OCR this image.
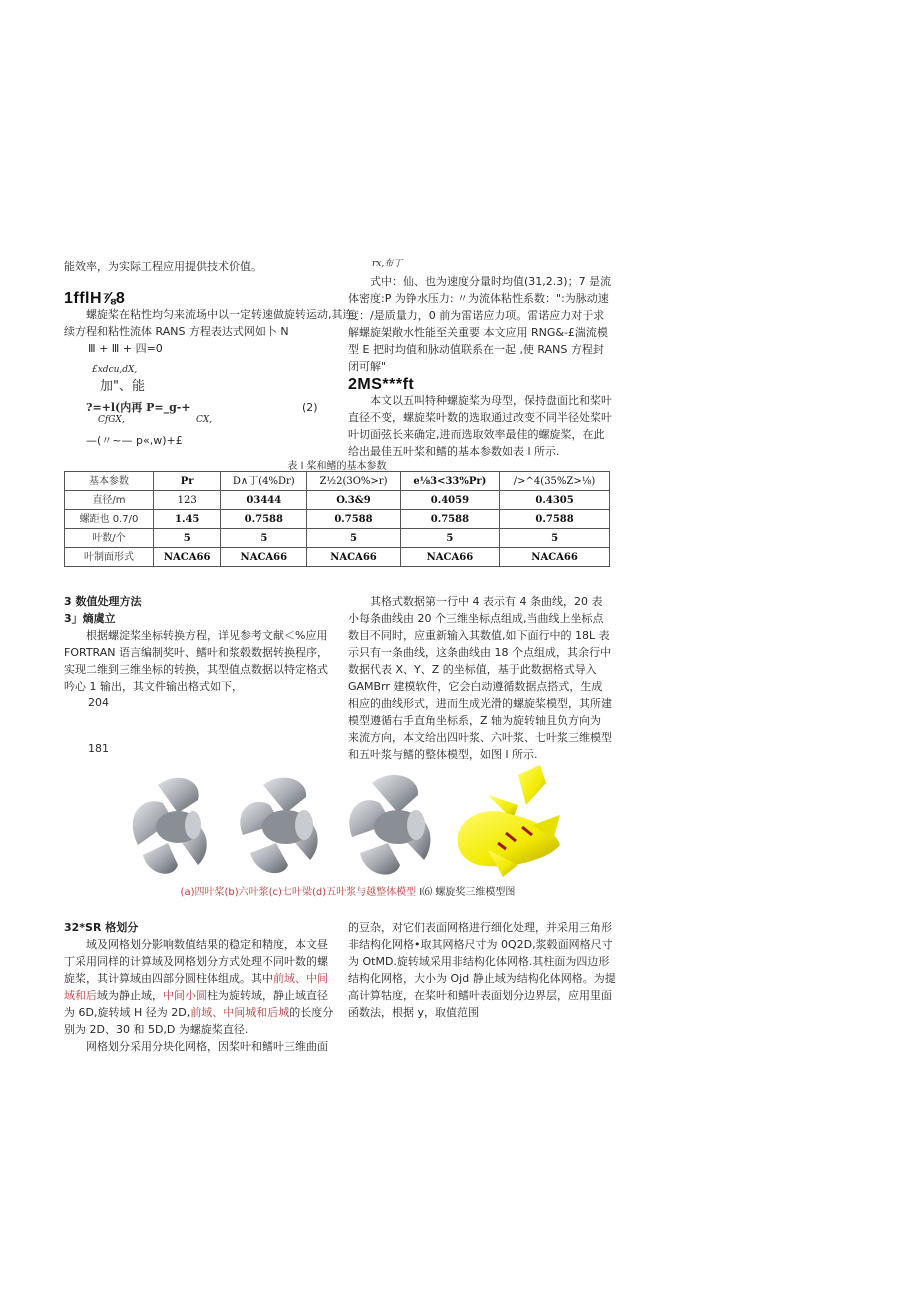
能效率，为实际工程应用提供技术价值。

1fflH⅞8

螺旋桨在粘性均匀来流场中以一定转速做旋转运动,其连续方程和粘性流体 RANS 方程表达式网如卜 N

Ⅲ + Ⅲ + 四=0
£xdcu,dX,
加"、能
?=+l(内再 P=_g-+	(2)
CfGX,	CX,
—(〃~— p«,w)+£
rx,布丁

式中：仙、也为速度分量时均值(31,2.3)；7 是流体密度:P 为铮水压力: 〃为流体粘性系数：":为脉动速度：/是质量力，0 前为雷诺应力项。雷诺应力对于求解螺旋架敞水性能至关重要 本文应用 RNG&-£湍流模型 E 把时均值和脉动值联系在一起 ,使 RANS 方程封闭可解"

2MS***ft

本文以五叫特种螺旋桨为母型，保持盘面比和桨叶直径不变，螺旋桨叶数的选取通过改变不同半径处桨叶叶切面弦长来确定,进而选取效率最佳的螺旋桨，在此给出最佳五叶桨和鳍的基本参数如表 l 所示.

表 l 桨和鳍的基本参数
基本参数	Pr	D∧丁(4%Dr)	Z½2(3O%>r)	e⅛3<33%Pr)	/>^4(35%Z>⅛)
直径/m	123	03444	O.3&9	0.4059	0.4305
螺距也 0.7/0	1.45	0.7588	0.7588	0.7588	0.7588
叶数/个	5	5	5	5	5
叶制面形式	NACA66	NACA66	NACA66	NACA66	NACA66
3 数值处理方法
3」熵虞立

根据螺淀桨坐标转换方程，详见参考文献＜%应用 FORTRAN 语言编制奖叶、鳍叶和浆毂数据转换程序，实现二维到三维坐标的转换，其型值点数据以特定格式吟心 1 输出，其文件输出格式如下，

204
181

其格式数据第一行中 4 表示有 4 条曲线，20 表小每条曲线由 20 个三维坐标点组成,当曲线上坐标点数目不同时，应重新输入其数值,如下面行中的 18L 表示只有一条曲线，这条曲线由 18 个点组成，其余行中数据代表 X、Y、Z 的坐标值，基于此数据格式导入 GAMBrr 建模软件，它会白动遵循数据点搭式，生成相应的曲线形式，进而生成光滑的螺旋桨模型，其所建模型遵循右手直角坐标系，Z 轴为旋转轴且负方向为来流方向，本文给出四叶浆、六叶浆、七叶浆三维模型和五叶浆与鳍的整体模型，如图 l 所示.

(a)四叶桨(b)六叶浆(c)七叶梁(d)五叶浆与越整体模型 I⑹ 螺旋奖三维模型图
32*SR 格划分

域及网格划分影响数值结果的稳定和精度，本文昼丁采用同样的计算域及网格划分方式处理不同叶数的螺旋桨，其计算域由四部分圆柱体组成。其中前域、中间域和后域为静止域，中间小圆柱为旋转域，静止域直径为 6D,旋转域 H 径为 2D,前域、中间城和后城的长度分别为 2D、30 和 5D,D 为螺旋桨直径.

网格划分采用分块化网格，因桨叶和鳍叶三维曲面

的豆杂，对它们表面网格进行细化处理，并采用三角形非结构化网格•取其网格尺寸为 0Q2D,浆毂面网格尺寸为 OtMD.旋转域采用非结构化体网格.其柱面为四边形结构化网格，大小为 Ojd 静止域为结构化体网格。为提高计算牯度，在桨叶和鳍叶表面划分边界层，应用里面函数法，根据 y，取值范围
